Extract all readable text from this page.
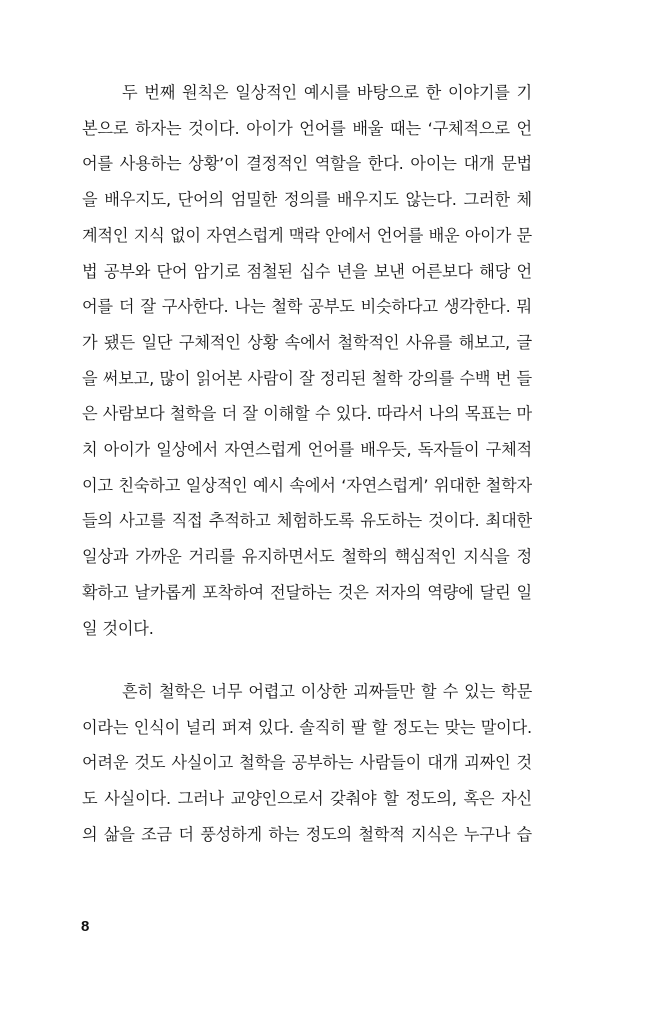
두 번째 원칙은 일상적인 예시를 바탕으로 한 이야기를 기
본으로 하자는 것이다. 아이가 언어를 배울 때는 ‘구체적으로 언
어를 사용하는 상황’이 결정적인 역할을 한다. 아이는 대개 문법
을 배우지도, 단어의 엄밀한 정의를 배우지도 않는다. 그러한 체
계적인 지식 없이 자연스럽게 맥락 안에서 언어를 배운 아이가 문
법 공부와 단어 암기로 점철된 십수 년을 보낸 어른보다 해당 언
어를 더 잘 구사한다. 나는 철학 공부도 비슷하다고 생각한다. 뭐
가 됐든 일단 구체적인 상황 속에서 철학적인 사유를 해보고, 글
을 써보고, 많이 읽어본 사람이 잘 정리된 철학 강의를 수백 번 들
은 사람보다 철학을 더 잘 이해할 수 있다. 따라서 나의 목표는 마
치 아이가 일상에서 자연스럽게 언어를 배우듯, 독자들이 구체적
이고 친숙하고 일상적인 예시 속에서 ‘자연스럽게’ 위대한 철학자
들의 사고를 직접 추적하고 체험하도록 유도하는 것이다. 최대한
일상과 가까운 거리를 유지하면서도 철학의 핵심적인 지식을 정
확하고 날카롭게 포착하여 전달하는 것은 저자의 역량에 달린 일
일 것이다.
흔히 철학은 너무 어렵고 이상한 괴짜들만 할 수 있는 학문
이라는 인식이 널리 퍼져 있다. 솔직히 팔 할 정도는 맞는 말이다.
어려운 것도 사실이고 철학을 공부하는 사람들이 대개 괴짜인 것
도 사실이다. 그러나 교양인으로서 갖춰야 할 정도의, 혹은 자신
의 삶을 조금 더 풍성하게 하는 정도의 철학적 지식은 누구나 습
8
